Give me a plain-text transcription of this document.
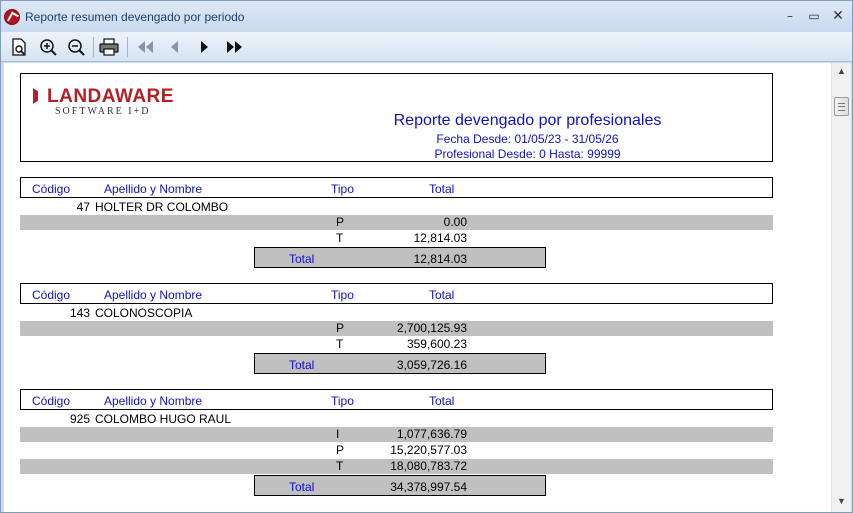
Reporte resumen devengado por periodo	–	▭ ✕
LANDAWARE
SOFTWARE I+D
Reporte devengado por profesionales
Fecha Desde: 01/05/23 - 31/05/26
Profesional Desde: 0 Hasta: 99999
Código	Apellido y Nombre	Tipo	Total
47 HOLTER DR COLOMBO
P	0.00
T	12,814.03
Total	12,814.03
Código	Apellido y Nombre	Tipo	Total
143 COLONOSCOPIA
P	2,700,125.93
T	359,600.23
Total	3,059,726.16
Código	Apellido y Nombre	Tipo	Total
925 COLOMBO HUGO RAUL
I	1,077,636.79
P	15,220,577.03
T	18,080,783.72
Total	34,378,997.54
▲
▼
